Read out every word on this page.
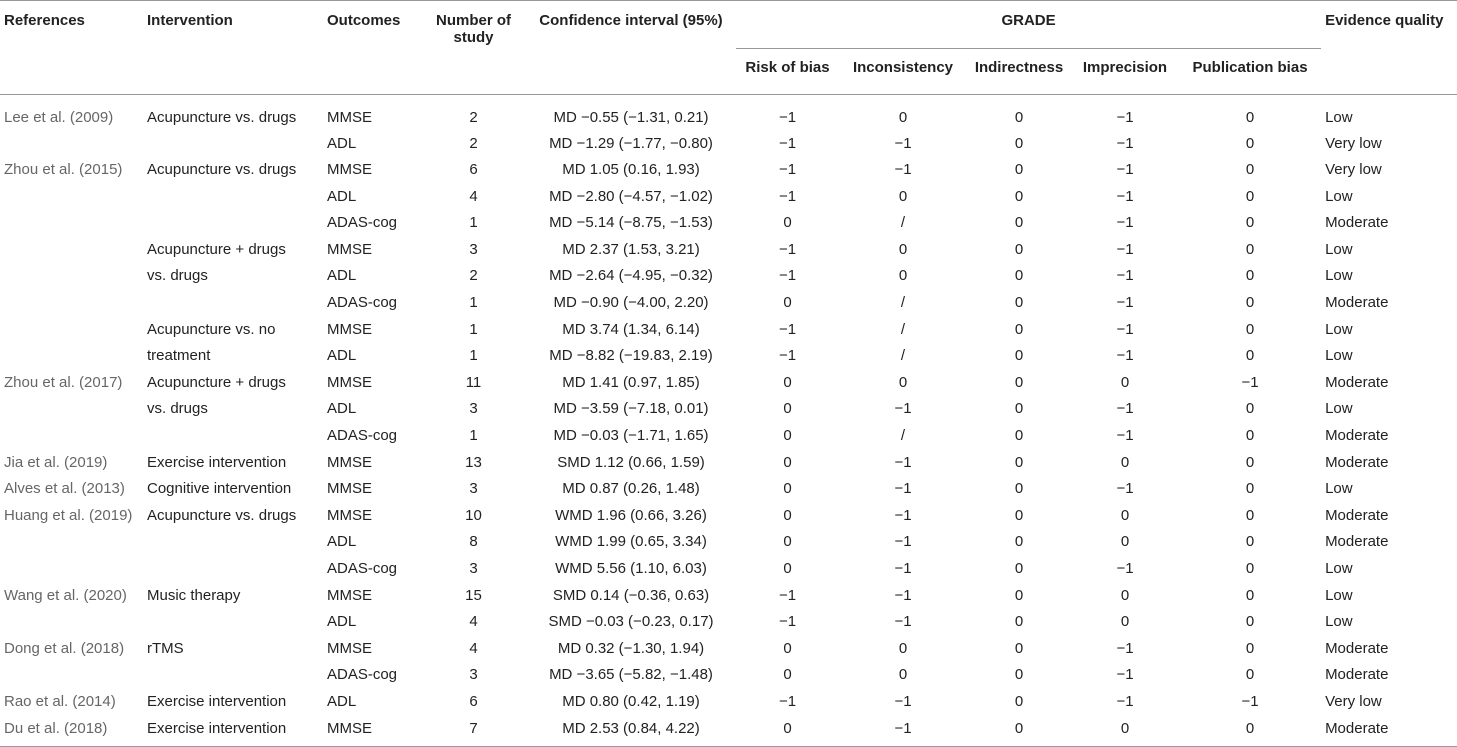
References	Intervention	Outcomes	Number of study	Confidence interval (95%)	GRADE					Evidence quality
					Risk of bias	Inconsistency	Indirectness	Imprecision	Publication bias	
Lee et al. (2009)	Acupuncture vs. drugs	MMSE	2	MD −0.55 (−1.31, 0.21)	−1	0	0	−1	0	Low
		ADL	2	MD −1.29 (−1.77, −0.80)	−1	−1	0	−1	0	Very low
Zhou et al. (2015)	Acupuncture vs. drugs	MMSE	6	MD 1.05 (0.16, 1.93)	−1	−1	0	−1	0	Very low
		ADL	4	MD −2.80 (−4.57, −1.02)	−1	0	0	−1	0	Low
		ADAS-cog	1	MD −5.14 (−8.75, −1.53)	0	/	0	−1	0	Moderate
	Acupuncture + drugs	MMSE	3	MD 2.37 (1.53, 3.21)	−1	0	0	−1	0	Low
	vs. drugs	ADL	2	MD −2.64 (−4.95, −0.32)	−1	0	0	−1	0	Low
		ADAS-cog	1	MD −0.90 (−4.00, 2.20)	0	/	0	−1	0	Moderate
	Acupuncture vs. no	MMSE	1	MD 3.74 (1.34, 6.14)	−1	/	0	−1	0	Low
	treatment	ADL	1	MD −8.82 (−19.83, 2.19)	−1	/	0	−1	0	Low
Zhou et al. (2017)	Acupuncture + drugs	MMSE	11	MD 1.41 (0.97, 1.85)	0	0	0	0	−1	Moderate
	vs. drugs	ADL	3	MD −3.59 (−7.18, 0.01)	0	−1	0	−1	0	Low
		ADAS-cog	1	MD −0.03 (−1.71, 1.65)	0	/	0	−1	0	Moderate
Jia et al. (2019)	Exercise intervention	MMSE	13	SMD 1.12 (0.66, 1.59)	0	−1	0	0	0	Moderate
Alves et al. (2013)	Cognitive intervention	MMSE	3	MD 0.87 (0.26, 1.48)	0	−1	0	−1	0	Low
Huang et al. (2019)	Acupuncture vs. drugs	MMSE	10	WMD 1.96 (0.66, 3.26)	0	−1	0	0	0	Moderate
		ADL	8	WMD 1.99 (0.65, 3.34)	0	−1	0	0	0	Moderate
		ADAS-cog	3	WMD 5.56 (1.10, 6.03)	0	−1	0	−1	0	Low
Wang et al. (2020)	Music therapy	MMSE	15	SMD 0.14 (−0.36, 0.63)	−1	−1	0	0	0	Low
		ADL	4	SMD −0.03 (−0.23, 0.17)	−1	−1	0	0	0	Low
Dong et al. (2018)	rTMS	MMSE	4	MD 0.32 (−1.30, 1.94)	0	0	0	−1	0	Moderate
		ADAS-cog	3	MD −3.65 (−5.82, −1.48)	0	0	0	−1	0	Moderate
Rao et al. (2014)	Exercise intervention	ADL	6	MD 0.80 (0.42, 1.19)	−1	−1	0	−1	−1	Very low
Du et al. (2018)	Exercise intervention	MMSE	7	MD 2.53 (0.84, 4.22)	0	−1	0	0	0	Moderate
